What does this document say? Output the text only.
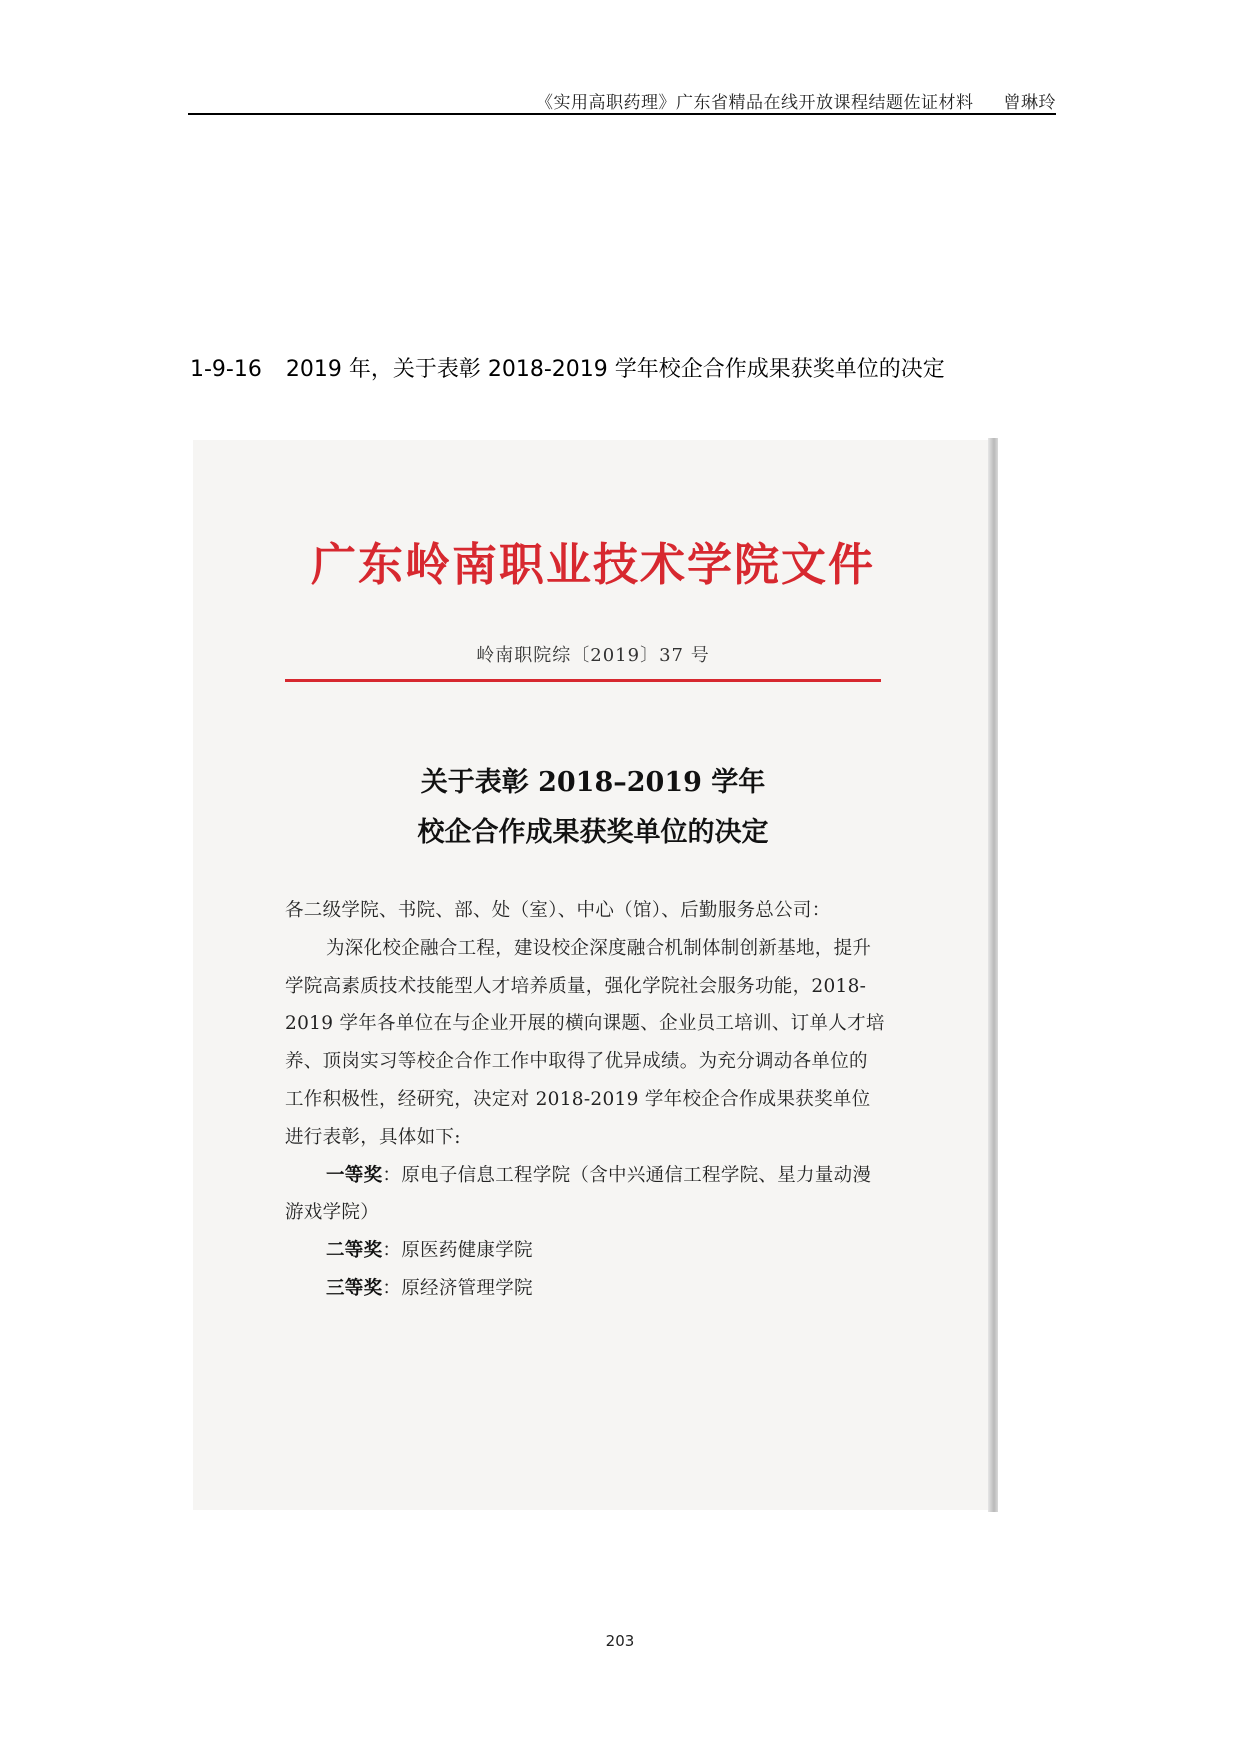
《实用高职药理》广东省精品在线开放课程结题佐证材料 曾琳玲
1-9-16 2019 年，关于表彰 2018-2019 学年校企合作成果获奖单位的决定
广东岭南职业技术学院文件
岭南职院综〔2019〕37 号
关于表彰 2018–2019 学年
校企合作成果获奖单位的决定

各二级学院、书院、部、处（室）、中心（馆）、后勤服务总公司：

为深化校企融合工程，建设校企深度融合机制体制创新基地，提升学院高素质技术技能型人才培养质量，强化学院社会服务功能，2018-2019 学年各单位在与企业开展的横向课题、企业员工培训、订单人才培养、顶岗实习等校企合作工作中取得了优异成绩。为充分调动各单位的工作积极性，经研究，决定对 2018-2019 学年校企合作成果获奖单位进行表彰，具体如下:

一等奖：原电子信息工程学院（含中兴通信工程学院、星力量动漫游戏学院）

二等奖：原医药健康学院

三等奖：原经济管理学院

203
